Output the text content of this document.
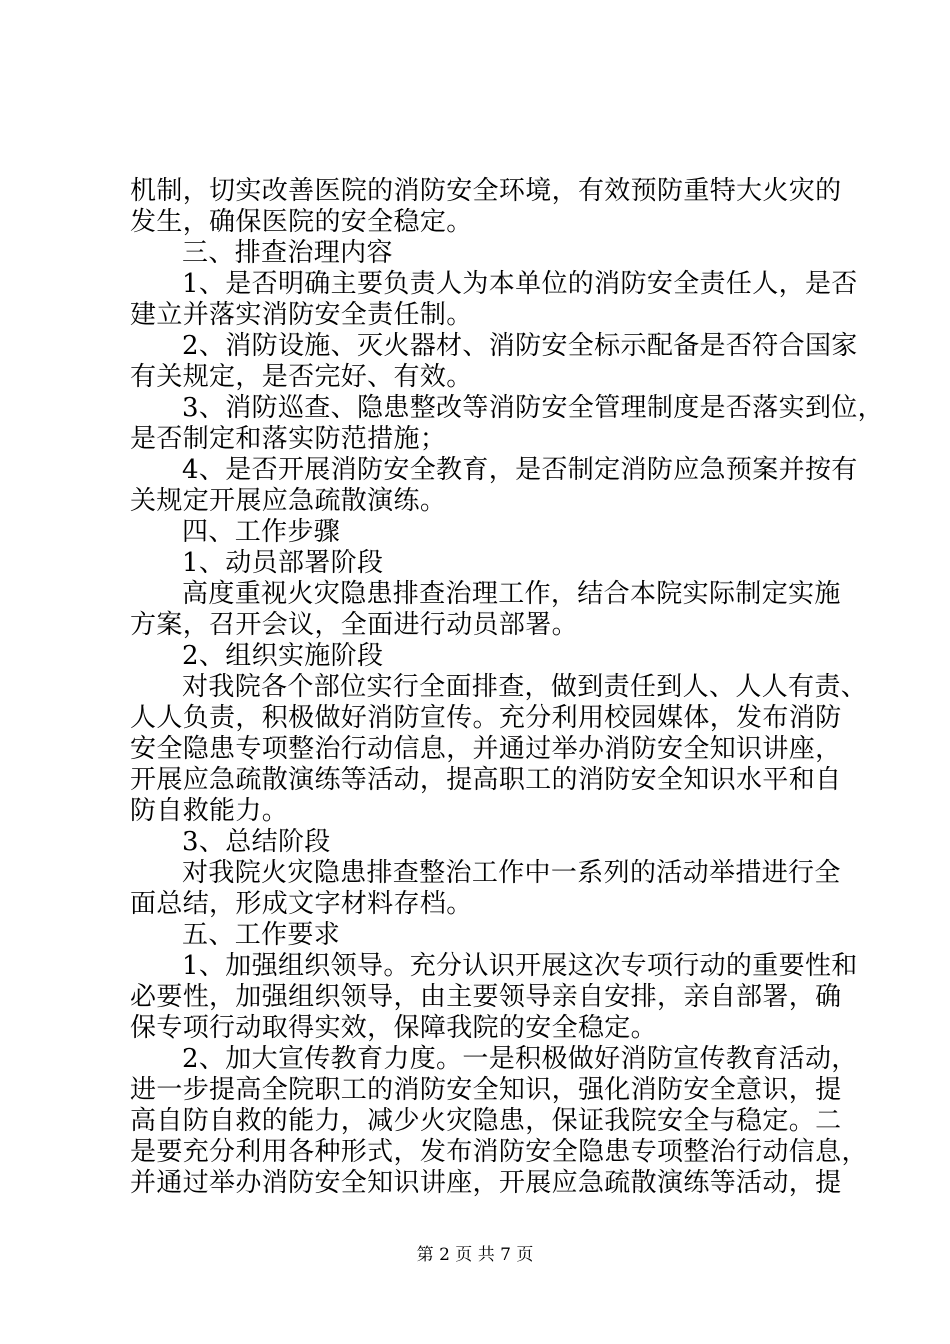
机制，切实改善医院的消防安全环境，有效预防重特大火灾的
发生，确保医院的安全稳定。
三、排查治理内容
1、是否明确主要负责人为本单位的消防安全责任人，是否
建立并落实消防安全责任制。
2、消防设施、灭火器材、消防安全标示配备是否符合国家
有关规定，是否完好、有效。
3、消防巡查、隐患整改等消防安全管理制度是否落实到位，
是否制定和落实防范措施；
4、是否开展消防安全教育，是否制定消防应急预案并按有
关规定开展应急疏散演练。
四、工作步骤
1、动员部署阶段
高度重视火灾隐患排查治理工作，结合本院实际制定实施
方案，召开会议，全面进行动员部署。
2、组织实施阶段
对我院各个部位实行全面排查，做到责任到人、人人有责、
人人负责，积极做好消防宣传。充分利用校园媒体，发布消防
安全隐患专项整治行动信息，并通过举办消防安全知识讲座，
开展应急疏散演练等活动，提高职工的消防安全知识水平和自
防自救能力。
3、总结阶段
对我院火灾隐患排查整治工作中一系列的活动举措进行全
面总结，形成文字材料存档。
五、工作要求
1、加强组织领导。充分认识开展这次专项行动的重要性和
必要性，加强组织领导，由主要领导亲自安排，亲自部署，确
保专项行动取得实效，保障我院的安全稳定。
2、加大宣传教育力度。一是积极做好消防宣传教育活动，
进一步提高全院职工的消防安全知识，强化消防安全意识，提
高自防自救的能力，减少火灾隐患，保证我院安全与稳定。二
是要充分利用各种形式，发布消防安全隐患专项整治行动信息，
并通过举办消防安全知识讲座，开展应急疏散演练等活动，提
第 2 页 共 7 页
